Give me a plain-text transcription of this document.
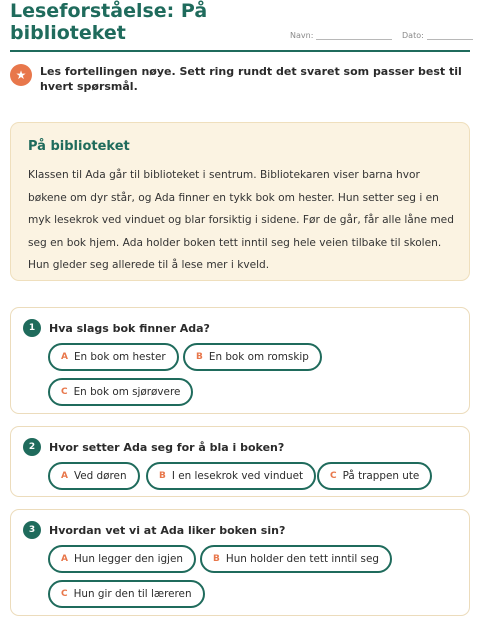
Leseforståelse: På biblioteket	Navn:	Dato:
★	Les fortellingen nøye. Sett ring rundt det svaret som passer best til hvert spørsmål.
På biblioteket
Klassen til Ada går til biblioteket i sentrum. Bibliotekaren viser barna hvor bøkene om dyr står, og Ada finner en tykk bok om hester. Hun setter seg i en myk lesekrok ved vinduet og blar forsiktig i sidene. Før de går, får alle låne med seg en bok hjem. Ada holder boken tett inntil seg hele veien tilbake til skolen. Hun gleder seg allerede til å lese mer i kveld.
1	Hva slags bok finner Ada?
A En bok om hester	B En bok om romskip
C En bok om sjørøvere
2	Hvor setter Ada seg for å bla i boken?
A Ved døren	B I en lesekrok ved vinduet	C På trappen ute
3	Hvordan vet vi at Ada liker boken sin?
A Hun legger den igjen	B Hun holder den tett inntil seg
C Hun gir den til læreren
